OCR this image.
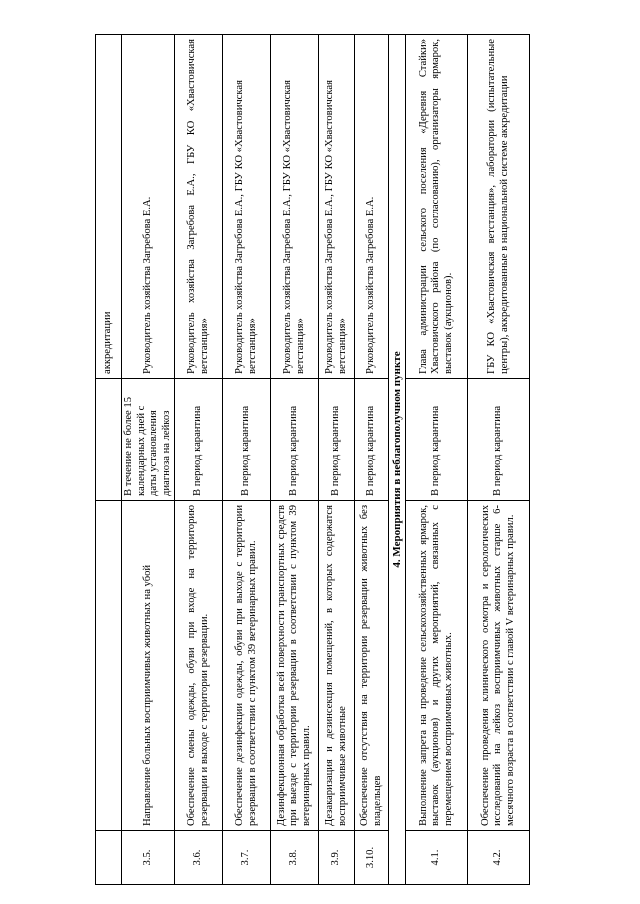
			аккредитации
3.5.	Направление больных восприимчивых животных на убой	В течение не более 15 календарных дней с даты установления диагноза на лейкоз	Руководитель хозяйства Загребова Е.А.
3.6.	Обеспечение смены одежды, обуви при входе на территорию резервации и выходе с территории резервации.	В период карантина	Руководитель хозяйства Загребова Е.А., ГБУ КО «Хвастовичская ветстанция»
3.7.	Обеспечение дезинфекции одежды, обуви при выходе с территории резервации в соответствии с пунктом 39 ветеринарных правил.	В период карантина	Руководитель хозяйства Загребова Е.А., ГБУ КО «Хвастовичская ветстанция»
3.8.	Дезинфекционная обработка всей поверхности транспортных средств при выезде с территории резервации в соответствии с пунктом 39 ветеринарных правил.	В период карантина	Руководитель хозяйства Загребова Е.А., ГБУ КО «Хвастовичская ветстанция»
3.9.	Дезакаризация и дезинсекция помещений, в которых содержатся восприимчивые животные	В период карантина	Руководитель хозяйства Загребова Е.А., ГБУ КО «Хвастовичская ветстанция»
3.10.	Обеспечение отсутствия на территории резервации животных без владельцев	В период карантина	Руководитель хозяйства Загребова Е.А.
4. Мероприятия в неблагополучном пункте			
4.1.	Выполнение запрета на проведение сельскохозяйственных ярмарок, выставок (аукционов) и других мероприятий, связанных с перемещением восприимчивых животных.	В период карантина	Глава администрации сельского поселения «Деревня Стайки» Хвастовичского района (по согласованию), организаторы ярмарок, выставок (аукционов).
4.2.	Обеспечение проведения клинического осмотра и серологических исследований на лейкоз восприимчивых животных старше 6-месячного возраста в соответствии с главой V ветеринарных правил.	В период карантина	ГБУ КО «Хвастовичская ветстанция», лаборатории (испытательные центры), аккредитованные в национальной системе аккредитации
